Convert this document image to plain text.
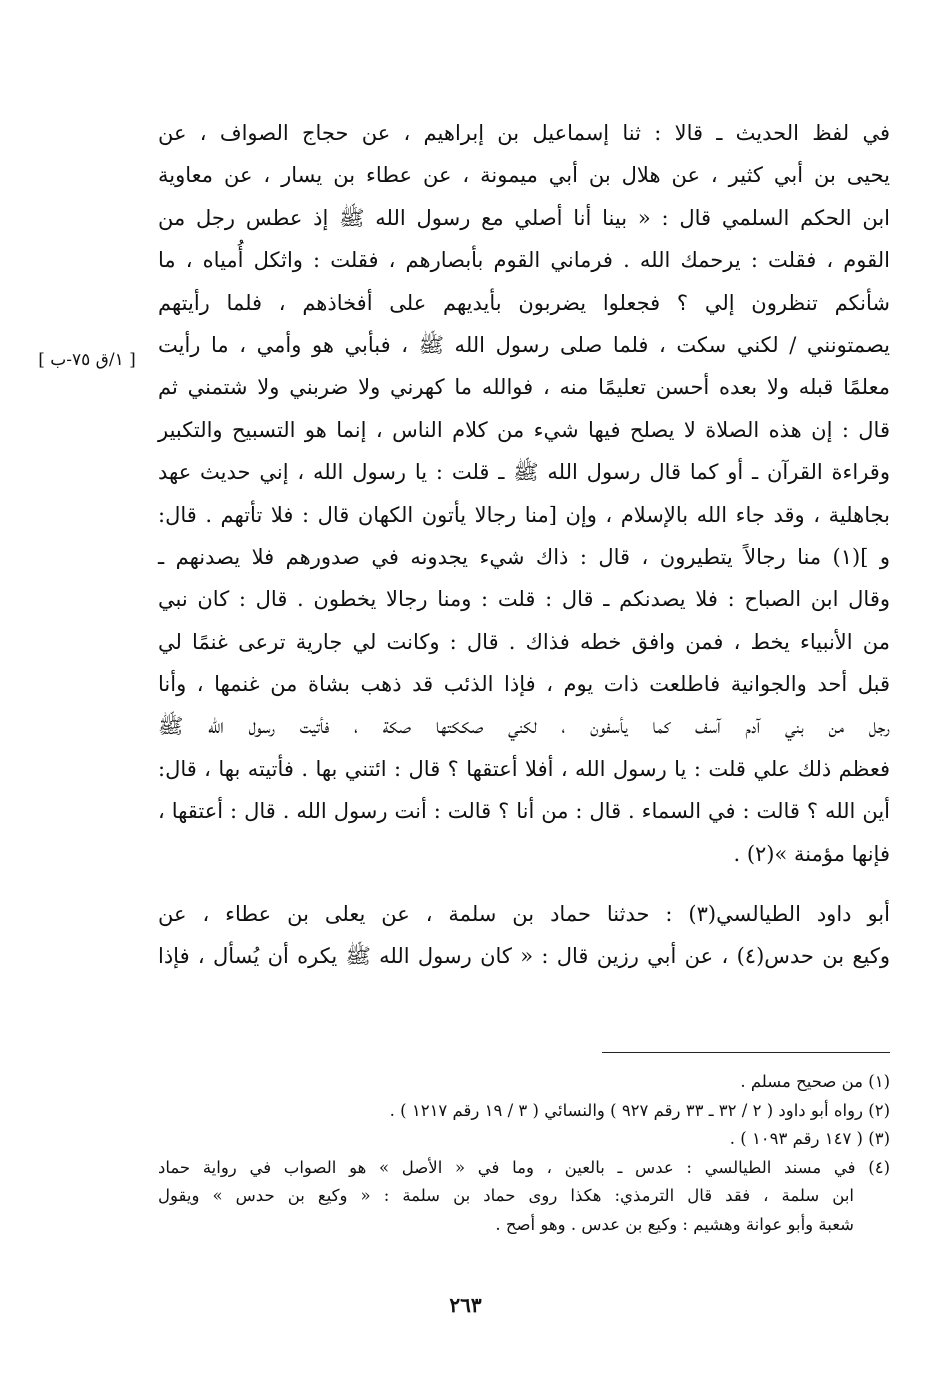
في لفظ الحديث ـ قالا : ثنا إسماعيل بن إبراهيم ، عن حجاج الصواف ، عن
يحيى بن أبي كثير ، عن هلال بن أبي ميمونة ، عن عطاء بن يسار ، عن معاوية
ابن الحكم السلمي قال : « بينا أنا أصلي مع رسول الله ﷺ إذ عطس رجل من
القوم ، فقلت : يرحمك الله . فرماني القوم بأبصارهم ، فقلت : واثكل أُمياه ، ما
شأنكم تنظرون إلي ؟ فجعلوا يضربون بأيديهم على أفخاذهم ، فلما رأيتهم
يصمتونني / لكني سكت ، فلما صلى رسول الله ﷺ ، فبأبي هو وأمي ، ما رأيت
معلمًا قبله ولا بعده أحسن تعليمًا منه ، فوالله ما كهرني ولا ضربني ولا شتمني ثم
قال : إن هذه الصلاة لا يصلح فيها شيء من كلام الناس ، إنما هو التسبيح والتكبير
وقراءة القرآن ـ أو كما قال رسول الله ﷺ ـ قلت : يا رسول الله ، إني حديث عهد
بجاهلية ، وقد جاء الله بالإسلام ، وإن [منا رجالا يأتون الكهان قال : فلا تأتهم . قال:
و ](١) منا رجالاً يتطيرون ، قال : ذاك شيء يجدونه في صدورهم فلا يصدنهم ـ
وقال ابن الصباح : فلا يصدنكم ـ قال : قلت : ومنا رجالا يخطون . قال : كان نبي
من الأنبياء يخط ، فمن وافق خطه فذاك . قال : وكانت لي جارية ترعى غنمًا لي
قبل أحد والجوانية فاطلعت ذات يوم ، فإذا الذئب قد ذهب بشاة من غنمها ، وأنا
رجل من بني آدم آسف كما يأسفون ، لكني صككتها صكة ، فأتيت رسول الله ﷺ
فعظم ذلك علي قلت : يا رسول الله ، أفلا أعتقها ؟ قال : ائتني بها . فأتيته بها ، قال:
أين الله ؟ قالت : في السماء . قال : من أنا ؟ قالت : أنت رسول الله . قال : أعتقها ،
فإنها مؤمنة »(٢) .
أبو داود الطيالسي(٣) : حدثنا حماد بن سلمة ، عن يعلى بن عطاء ، عن
وكيع بن حدس(٤) ، عن أبي رزين قال : « كان رسول الله ﷺ يكره أن يُسأل ، فإذا
[ ١/ق ٧٥-ب ]
(١) من صحيح مسلم .
(٢) رواه أبو داود ( ٢ / ٣٢ ـ ٣٣ رقم ٩٢٧ ) والنسائي ( ٣ / ١٩ رقم ١٢١٧ ) .
(٣) ( ١٤٧ رقم ١٠٩٣ ) .
(٤) في مسند الطيالسي : عدس ـ بالعين ، وما في « الأصل » هو الصواب في رواية حماد
ابن سلمة ، فقد قال الترمذي: هكذا روى حماد بن سلمة : « وكيع بن حدس » ويقول
شعبة وأبو عوانة وهشيم : وكيع بن عدس . وهو أصح .
٢٦٣
